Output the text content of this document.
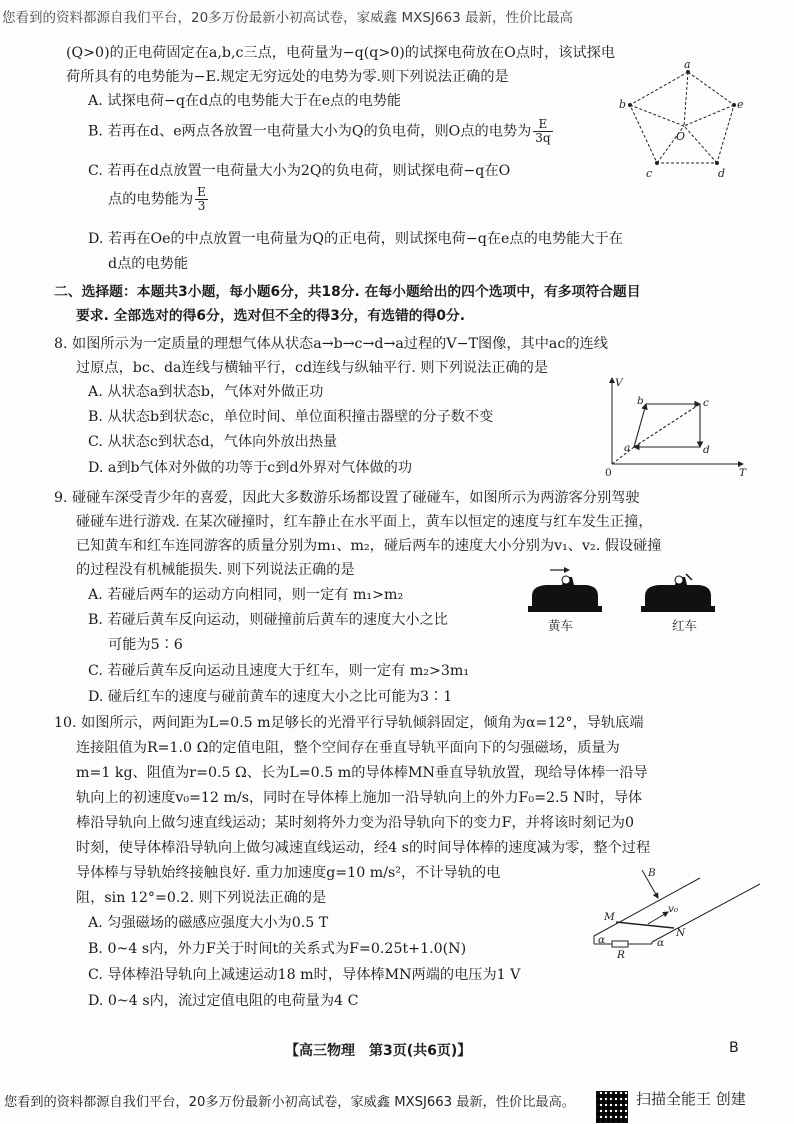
您看到的资料都源自我们平台，20多万份最新小初高试卷，家威鑫 MXSJ663 最新，性价比最高
(Q>0)的正电荷固定在a,b,c三点，电荷量为−q(q>0)的试探电荷放在O点时，该试探电
荷所具有的电势能为−E.规定无穷远处的电势为零.则下列说法正确的是
A. 试探电荷−q在d点的电势能大于在e点的电势能
B. 若再在d、e两点各放置一电荷量大小为Q的负电荷，则O点的电势为 $\frac{E}{3q}$
C. 若再在d点放置一电荷量大小为2Q的负电荷，则试探电荷−q在O
点的电势能为 $\frac{E}{3}$
D. 若再在Oe的中点放置一电荷量为Q的正电荷，则试探电荷−q在e点的电势能大于在
d点的电势能
a
b	e
c	d
O
二、选择题：本题共3小题，每小题6分，共18分. 在每小题给出的四个选项中，有多项符合题目
要求. 全部选对的得6分，选对但不全的得3分，有选错的得0分.
8. 如图所示为一定质量的理想气体从状态a→b→c→d→a过程的V−T图像，其中ac的连线
过原点，bc、da连线与横轴平行，cd连线与纵轴平行. 则下列说法正确的是
A. 从状态a到状态b，气体对外做正功
B. 从状态b到状态c，单位时间、单位面积撞击器壁的分子数不变
C. 从状态c到状态d，气体向外放出热量
D. a到b气体对外做的功等于c到d外界对气体做的功
V
T
0
a
b	c
d
9. 碰碰车深受青少年的喜爱，因此大多数游乐场都设置了碰碰车，如图所示为两游客分别驾驶
碰碰车进行游戏. 在某次碰撞时，红车静止在水平面上，黄车以恒定的速度与红车发生正撞，
已知黄车和红车连同游客的质量分别为m₁、m₂，碰后两车的速度大小分别为v₁、v₂. 假设碰撞
的过程没有机械能损失. 则下列说法正确的是
A. 若碰后两车的运动方向相同，则一定有 m₁>m₂
B. 若碰后黄车反向运动，则碰撞前后黄车的速度大小之比
可能为5∶6
C. 若碰后黄车反向运动且速度大于红车，则一定有 m₂>3m₁
D. 碰后红车的速度与碰前黄车的速度大小之比可能为3∶1
黄车	红车
10. 如图所示，两间距为L=0.5 m足够长的光滑平行导轨倾斜固定，倾角为α=12°，导轨底端
连接阻值为R=1.0 Ω的定值电阻，整个空间存在垂直导轨平面向下的匀强磁场，质量为
m=1 kg、阻值为r=0.5 Ω、长为L=0.5 m的导体棒MN垂直导轨放置，现给导体棒一沿导
轨向上的初速度v₀=12 m/s，同时在导体棒上施加一沿导轨向上的外力F₀=2.5 N时，导体
棒沿导轨向上做匀速直线运动；某时刻将外力变为沿导轨向下的变力F，并将该时刻记为0
时刻，使导体棒沿导轨向上做匀减速直线运动，经4 s的时间导体棒的速度减为零，整个过程
导体棒与导轨始终接触良好. 重力加速度g=10 m/s²，不计导轨的电
阻，sin 12°=0.2. 则下列说法正确的是
A. 匀强磁场的磁感应强度大小为0.5 T
B. 0~4 s内，外力F关于时间t的关系式为F=0.25t+1.0(N)
C. 导体棒沿导轨向上减速运动18 m时，导体棒MN两端的电压为1 V
D. 0~4 s内，流过定值电阻的电荷量为4 C
B
v₀
M
N
R
α	α
【高三物理　第3页(共6页)】	B
您看到的资料都源自我们平台，20多万份最新小初高试卷，家威鑫 MXSJ663 最新，性价比最高。	扫描全能王 创建
